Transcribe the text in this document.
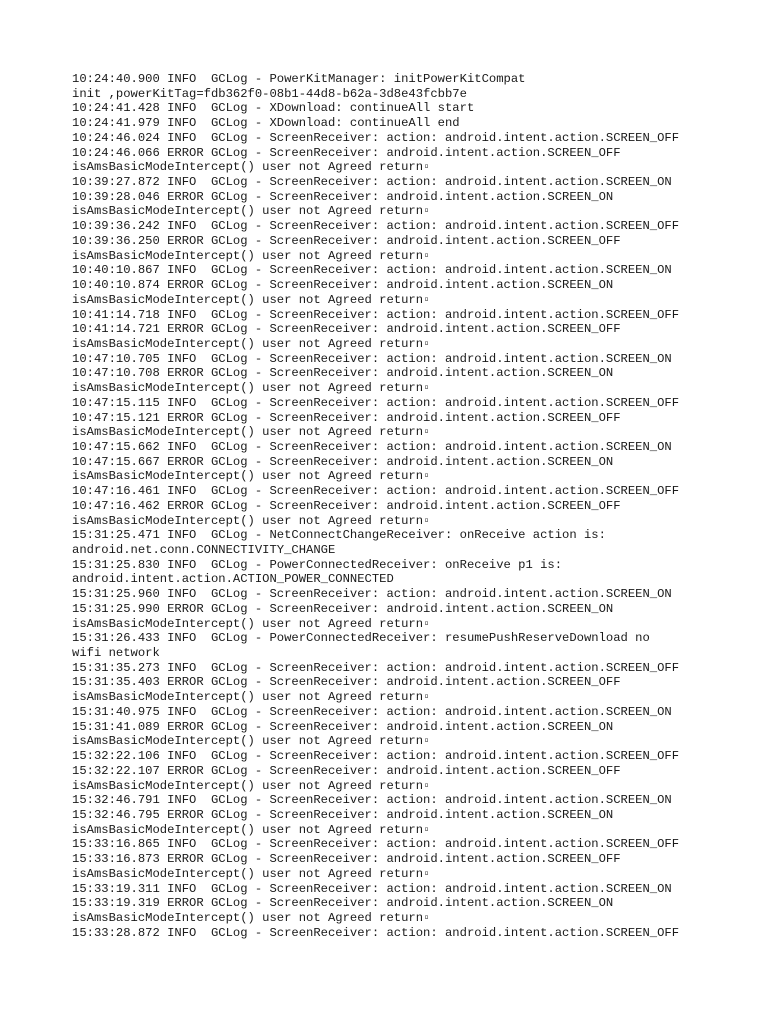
10:24:40.900 INFO  GCLog - PowerKitManager: initPowerKitCompat
init ,powerKitTag=fdb362f0-08b1-44d8-b62a-3d8e43fcbb7e
10:24:41.428 INFO  GCLog - XDownload: continueAll start
10:24:41.979 INFO  GCLog - XDownload: continueAll end
10:24:46.024 INFO  GCLog - ScreenReceiver: action: android.intent.action.SCREEN_OFF
10:24:46.066 ERROR GCLog - ScreenReceiver: android.intent.action.SCREEN_OFF
isAmsBasicModeIntercept() user not Agreed return▫
10:39:27.872 INFO  GCLog - ScreenReceiver: action: android.intent.action.SCREEN_ON
10:39:28.046 ERROR GCLog - ScreenReceiver: android.intent.action.SCREEN_ON
isAmsBasicModeIntercept() user not Agreed return▫
10:39:36.242 INFO  GCLog - ScreenReceiver: action: android.intent.action.SCREEN_OFF
10:39:36.250 ERROR GCLog - ScreenReceiver: android.intent.action.SCREEN_OFF
isAmsBasicModeIntercept() user not Agreed return▫
10:40:10.867 INFO  GCLog - ScreenReceiver: action: android.intent.action.SCREEN_ON
10:40:10.874 ERROR GCLog - ScreenReceiver: android.intent.action.SCREEN_ON
isAmsBasicModeIntercept() user not Agreed return▫
10:41:14.718 INFO  GCLog - ScreenReceiver: action: android.intent.action.SCREEN_OFF
10:41:14.721 ERROR GCLog - ScreenReceiver: android.intent.action.SCREEN_OFF
isAmsBasicModeIntercept() user not Agreed return▫
10:47:10.705 INFO  GCLog - ScreenReceiver: action: android.intent.action.SCREEN_ON
10:47:10.708 ERROR GCLog - ScreenReceiver: android.intent.action.SCREEN_ON
isAmsBasicModeIntercept() user not Agreed return▫
10:47:15.115 INFO  GCLog - ScreenReceiver: action: android.intent.action.SCREEN_OFF
10:47:15.121 ERROR GCLog - ScreenReceiver: android.intent.action.SCREEN_OFF
isAmsBasicModeIntercept() user not Agreed return▫
10:47:15.662 INFO  GCLog - ScreenReceiver: action: android.intent.action.SCREEN_ON
10:47:15.667 ERROR GCLog - ScreenReceiver: android.intent.action.SCREEN_ON
isAmsBasicModeIntercept() user not Agreed return▫
10:47:16.461 INFO  GCLog - ScreenReceiver: action: android.intent.action.SCREEN_OFF
10:47:16.462 ERROR GCLog - ScreenReceiver: android.intent.action.SCREEN_OFF
isAmsBasicModeIntercept() user not Agreed return▫
15:31:25.471 INFO  GCLog - NetConnectChangeReceiver: onReceive action is:
android.net.conn.CONNECTIVITY_CHANGE
15:31:25.830 INFO  GCLog - PowerConnectedReceiver: onReceive p1 is:
android.intent.action.ACTION_POWER_CONNECTED
15:31:25.960 INFO  GCLog - ScreenReceiver: action: android.intent.action.SCREEN_ON
15:31:25.990 ERROR GCLog - ScreenReceiver: android.intent.action.SCREEN_ON
isAmsBasicModeIntercept() user not Agreed return▫
15:31:26.433 INFO  GCLog - PowerConnectedReceiver: resumePushReserveDownload no
wifi network
15:31:35.273 INFO  GCLog - ScreenReceiver: action: android.intent.action.SCREEN_OFF
15:31:35.403 ERROR GCLog - ScreenReceiver: android.intent.action.SCREEN_OFF
isAmsBasicModeIntercept() user not Agreed return▫
15:31:40.975 INFO  GCLog - ScreenReceiver: action: android.intent.action.SCREEN_ON
15:31:41.089 ERROR GCLog - ScreenReceiver: android.intent.action.SCREEN_ON
isAmsBasicModeIntercept() user not Agreed return▫
15:32:22.106 INFO  GCLog - ScreenReceiver: action: android.intent.action.SCREEN_OFF
15:32:22.107 ERROR GCLog - ScreenReceiver: android.intent.action.SCREEN_OFF
isAmsBasicModeIntercept() user not Agreed return▫
15:32:46.791 INFO  GCLog - ScreenReceiver: action: android.intent.action.SCREEN_ON
15:32:46.795 ERROR GCLog - ScreenReceiver: android.intent.action.SCREEN_ON
isAmsBasicModeIntercept() user not Agreed return▫
15:33:16.865 INFO  GCLog - ScreenReceiver: action: android.intent.action.SCREEN_OFF
15:33:16.873 ERROR GCLog - ScreenReceiver: android.intent.action.SCREEN_OFF
isAmsBasicModeIntercept() user not Agreed return▫
15:33:19.311 INFO  GCLog - ScreenReceiver: action: android.intent.action.SCREEN_ON
15:33:19.319 ERROR GCLog - ScreenReceiver: android.intent.action.SCREEN_ON
isAmsBasicModeIntercept() user not Agreed return▫
15:33:28.872 INFO  GCLog - ScreenReceiver: action: android.intent.action.SCREEN_OFF
